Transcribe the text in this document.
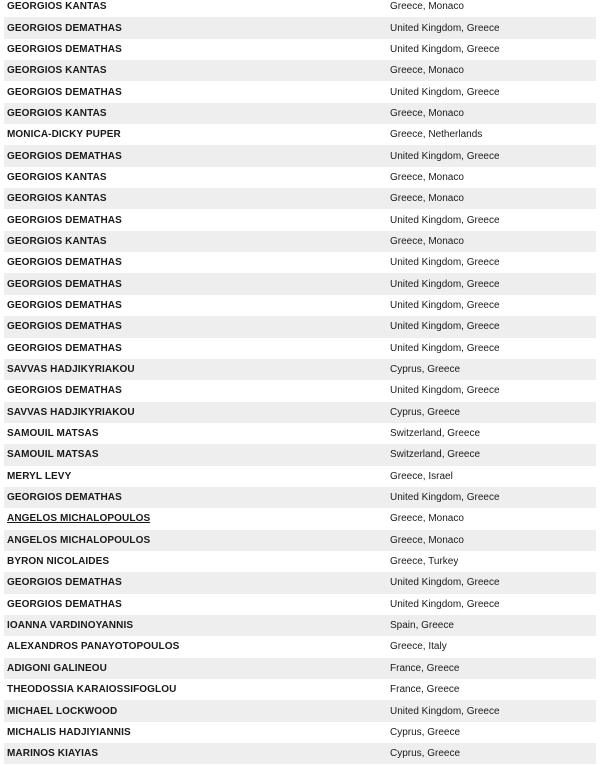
GEORGIOS KANTAS	Greece, Monaco
GEORGIOS DEMATHAS	United Kingdom, Greece
GEORGIOS DEMATHAS	United Kingdom, Greece
GEORGIOS KANTAS	Greece, Monaco
GEORGIOS DEMATHAS	United Kingdom, Greece
GEORGIOS KANTAS	Greece, Monaco
MONICA-DICKY PUPER	Greece, Netherlands
GEORGIOS DEMATHAS	United Kingdom, Greece
GEORGIOS KANTAS	Greece, Monaco
GEORGIOS KANTAS	Greece, Monaco
GEORGIOS DEMATHAS	United Kingdom, Greece
GEORGIOS KANTAS	Greece, Monaco
GEORGIOS DEMATHAS	United Kingdom, Greece
GEORGIOS DEMATHAS	United Kingdom, Greece
GEORGIOS DEMATHAS	United Kingdom, Greece
GEORGIOS DEMATHAS	United Kingdom, Greece
GEORGIOS DEMATHAS	United Kingdom, Greece
SAVVAS HADJIKYRIAKOU	Cyprus, Greece
GEORGIOS DEMATHAS	United Kingdom, Greece
SAVVAS HADJIKYRIAKOU	Cyprus, Greece
SAMOUIL MATSAS	Switzerland, Greece
SAMOUIL MATSAS	Switzerland, Greece
MERYL LEVY	Greece, Israel
GEORGIOS DEMATHAS	United Kingdom, Greece
ANGELOS MICHALOPOULOS	Greece, Monaco
ANGELOS MICHALOPOULOS	Greece, Monaco
BYRON NICOLAIDES	Greece, Turkey
GEORGIOS DEMATHAS	United Kingdom, Greece
GEORGIOS DEMATHAS	United Kingdom, Greece
IOANNA VARDINOYANNIS	Spain, Greece
ALEXANDROS PANAYOTOPOULOS	Greece, Italy
ADIGONI GALINEOU	France, Greece
THEODOSSIA KARAIOSSIFOGLOU	France, Greece
MICHAEL LOCKWOOD	United Kingdom, Greece
MICHALIS HADJIYIANNIS	Cyprus, Greece
MARINOS KIAYIAS	Cyprus, Greece
